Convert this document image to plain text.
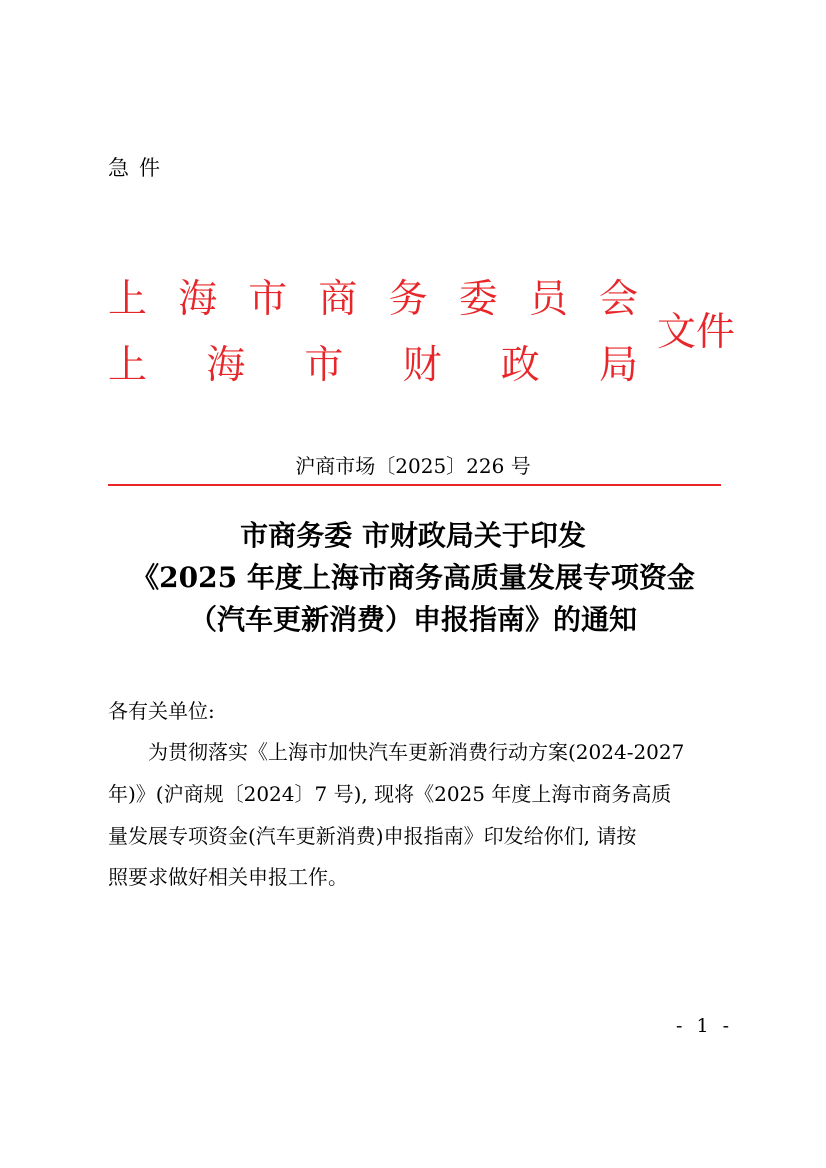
急件
上 海 市 商 务 委 员 会
上 海 市 财 政 局
文件
沪商市场〔2025〕226 号
市商务委 市财政局关于印发
《2025 年度上海市商务高质量发展专项资金
（汽车更新消费）申报指南》的通知
各有关单位:
为贯彻落实《上海市加快汽车更新消费行动方案(2024-2027
年)》(沪商规〔2024〕7 号), 现将《2025 年度上海市商务高质
量发展专项资金(汽车更新消费)申报指南》印发给你们, 请按
照要求做好相关申报工作。
- 1 -
